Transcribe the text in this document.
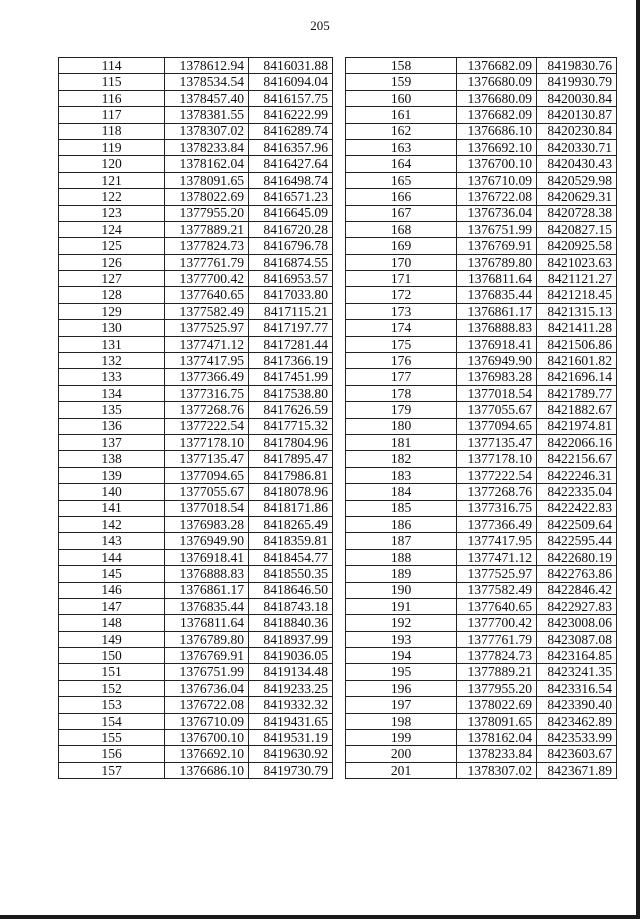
205
114	1378612.94	8416031.88
115	1378534.54	8416094.04
116	1378457.40	8416157.75
117	1378381.55	8416222.99
118	1378307.02	8416289.74
119	1378233.84	8416357.96
120	1378162.04	8416427.64
121	1378091.65	8416498.74
122	1378022.69	8416571.23
123	1377955.20	8416645.09
124	1377889.21	8416720.28
125	1377824.73	8416796.78
126	1377761.79	8416874.55
127	1377700.42	8416953.57
128	1377640.65	8417033.80
129	1377582.49	8417115.21
130	1377525.97	8417197.77
131	1377471.12	8417281.44
132	1377417.95	8417366.19
133	1377366.49	8417451.99
134	1377316.75	8417538.80
135	1377268.76	8417626.59
136	1377222.54	8417715.32
137	1377178.10	8417804.96
138	1377135.47	8417895.47
139	1377094.65	8417986.81
140	1377055.67	8418078.96
141	1377018.54	8418171.86
142	1376983.28	8418265.49
143	1376949.90	8418359.81
144	1376918.41	8418454.77
145	1376888.83	8418550.35
146	1376861.17	8418646.50
147	1376835.44	8418743.18
148	1376811.64	8418840.36
149	1376789.80	8418937.99
150	1376769.91	8419036.05
151	1376751.99	8419134.48
152	1376736.04	8419233.25
153	1376722.08	8419332.32
154	1376710.09	8419431.65
155	1376700.10	8419531.19
156	1376692.10	8419630.92
157	1376686.10	8419730.79
158	1376682.09	8419830.76
159	1376680.09	8419930.79
160	1376680.09	8420030.84
161	1376682.09	8420130.87
162	1376686.10	8420230.84
163	1376692.10	8420330.71
164	1376700.10	8420430.43
165	1376710.09	8420529.98
166	1376722.08	8420629.31
167	1376736.04	8420728.38
168	1376751.99	8420827.15
169	1376769.91	8420925.58
170	1376789.80	8421023.63
171	1376811.64	8421121.27
172	1376835.44	8421218.45
173	1376861.17	8421315.13
174	1376888.83	8421411.28
175	1376918.41	8421506.86
176	1376949.90	8421601.82
177	1376983.28	8421696.14
178	1377018.54	8421789.77
179	1377055.67	8421882.67
180	1377094.65	8421974.81
181	1377135.47	8422066.16
182	1377178.10	8422156.67
183	1377222.54	8422246.31
184	1377268.76	8422335.04
185	1377316.75	8422422.83
186	1377366.49	8422509.64
187	1377417.95	8422595.44
188	1377471.12	8422680.19
189	1377525.97	8422763.86
190	1377582.49	8422846.42
191	1377640.65	8422927.83
192	1377700.42	8423008.06
193	1377761.79	8423087.08
194	1377824.73	8423164.85
195	1377889.21	8423241.35
196	1377955.20	8423316.54
197	1378022.69	8423390.40
198	1378091.65	8423462.89
199	1378162.04	8423533.99
200	1378233.84	8423603.67
201	1378307.02	8423671.89
